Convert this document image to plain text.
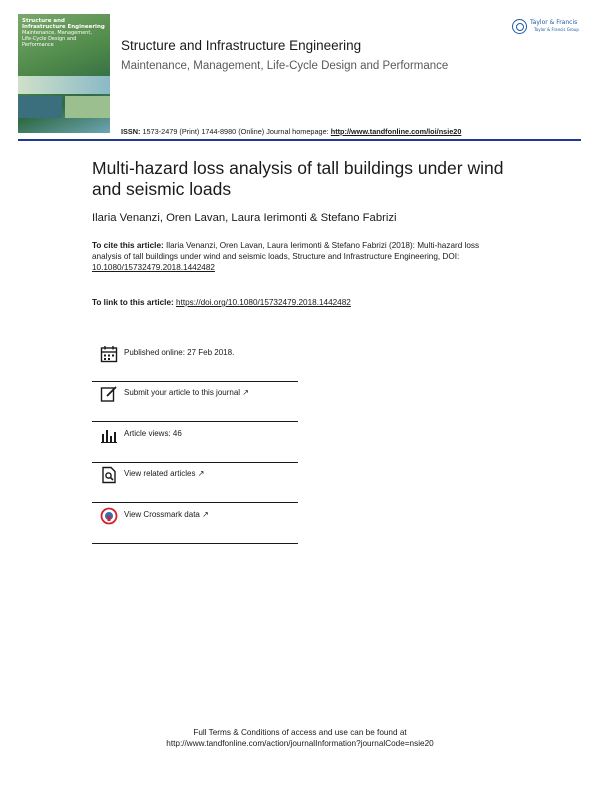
Structure and
Infrastructure Engineering
Maintenance, Management,
Life-Cycle Design and Performance
Taylor & Francis
Taylor & Francis Group
Structure and Infrastructure Engineering
Maintenance, Management, Life-Cycle Design and Performance
ISSN: 1573-2479 (Print) 1744-8980 (Online) Journal homepage: http://www.tandfonline.com/loi/nsie20
Multi-hazard loss analysis of tall buildings under wind and seismic loads
Ilaria Venanzi, Oren Lavan, Laura Ierimonti & Stefano Fabrizi
To cite this article: Ilaria Venanzi, Oren Lavan, Laura Ierimonti & Stefano Fabrizi (2018): Multi-hazard loss analysis of tall buildings under wind and seismic loads, Structure and Infrastructure Engineering, DOI: 10.1080/15732479.2018.1442482
To link to this article: https://doi.org/10.1080/15732479.2018.1442482
Published online: 27 Feb 2018.
Submit your article to this journal ↗
Article views: 46
View related articles ↗
View Crossmark data ↗
Full Terms & Conditions of access and use can be found at
http://www.tandfonline.com/action/journalInformation?journalCode=nsie20
